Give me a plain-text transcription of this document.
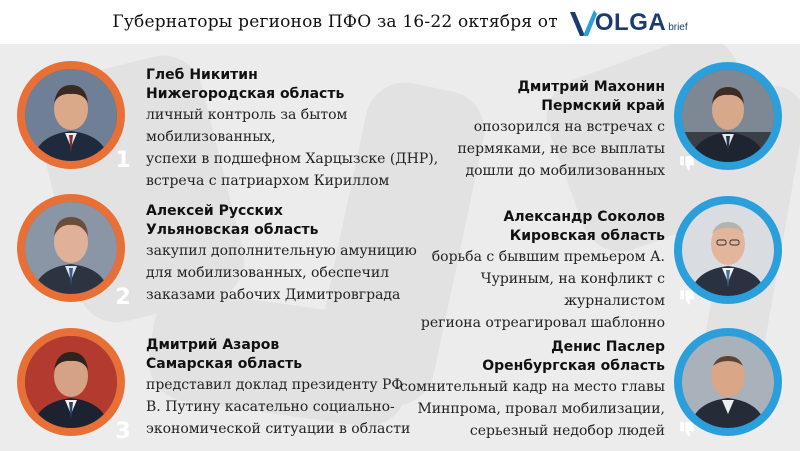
Губернаторы регионов ПФО за 16-22 октября от OLGA brief
1
Глеб Никитин
Нижегородская область
личный контроль за бытом мобилизованных,
успехи в подшефном Харцызске (ДНР),
встреча с патриархом Кириллом
2
Алексей Русских
Ульяновская область
закупил дополнительную амуницию
для мобилизованных, обеспечил
заказами рабочих Димитровграда
3
Дмитрий Азаров
Самарская область
представил доклад президенту РФ
В. Путину касательно социально-
экономической ситуации в области
Дмитрий Махонин
Пермский край
опозорился на встречах с
пермяками, не все выплаты
дошли до мобилизованных
Александр Соколов
Кировская область
борьба с бывшим премьером А.
Чуриным, на конфликт с журналистом
региона отреагировал шаблонно
Денис Паслер
Оренбургская область
сомнительный кадр на место главы
Минпрома, провал мобилизации,
серьезный недобор людей
